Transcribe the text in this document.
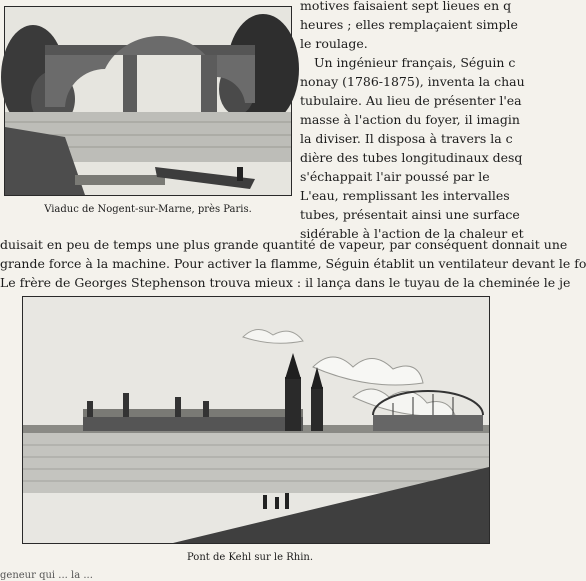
Viaduc de Nogent-sur-Marne, près Paris.
motives faisaient sept lieues en q
heures ; elles remplaçaient simple
le roulage.
Un ingénieur français, Séguin c
nonay (1786-1875), inventa la chau
tubulaire. Au lieu de présenter l'ea
masse à l'action du foyer, il imagin
la diviser. Il disposa à travers la c
dière des tubes longitudinaux desq
s'échappait l'air poussé par le
L'eau, remplissant les intervalles
tubes, présentait ainsi une surface
sidérable à l'action de la chaleur et
duisait en peu de temps une plus grande quantité de vapeur, par conséquent donnait une
grande force à la machine. Pour activer la flamme, Séguin établit un ventilateur devant le fo
Le frère de Georges Stephenson trouva mieux : il lança dans le tuyau de la cheminée le je
Pont de Kehl sur le Rhin.
geneur qui ... la ...
